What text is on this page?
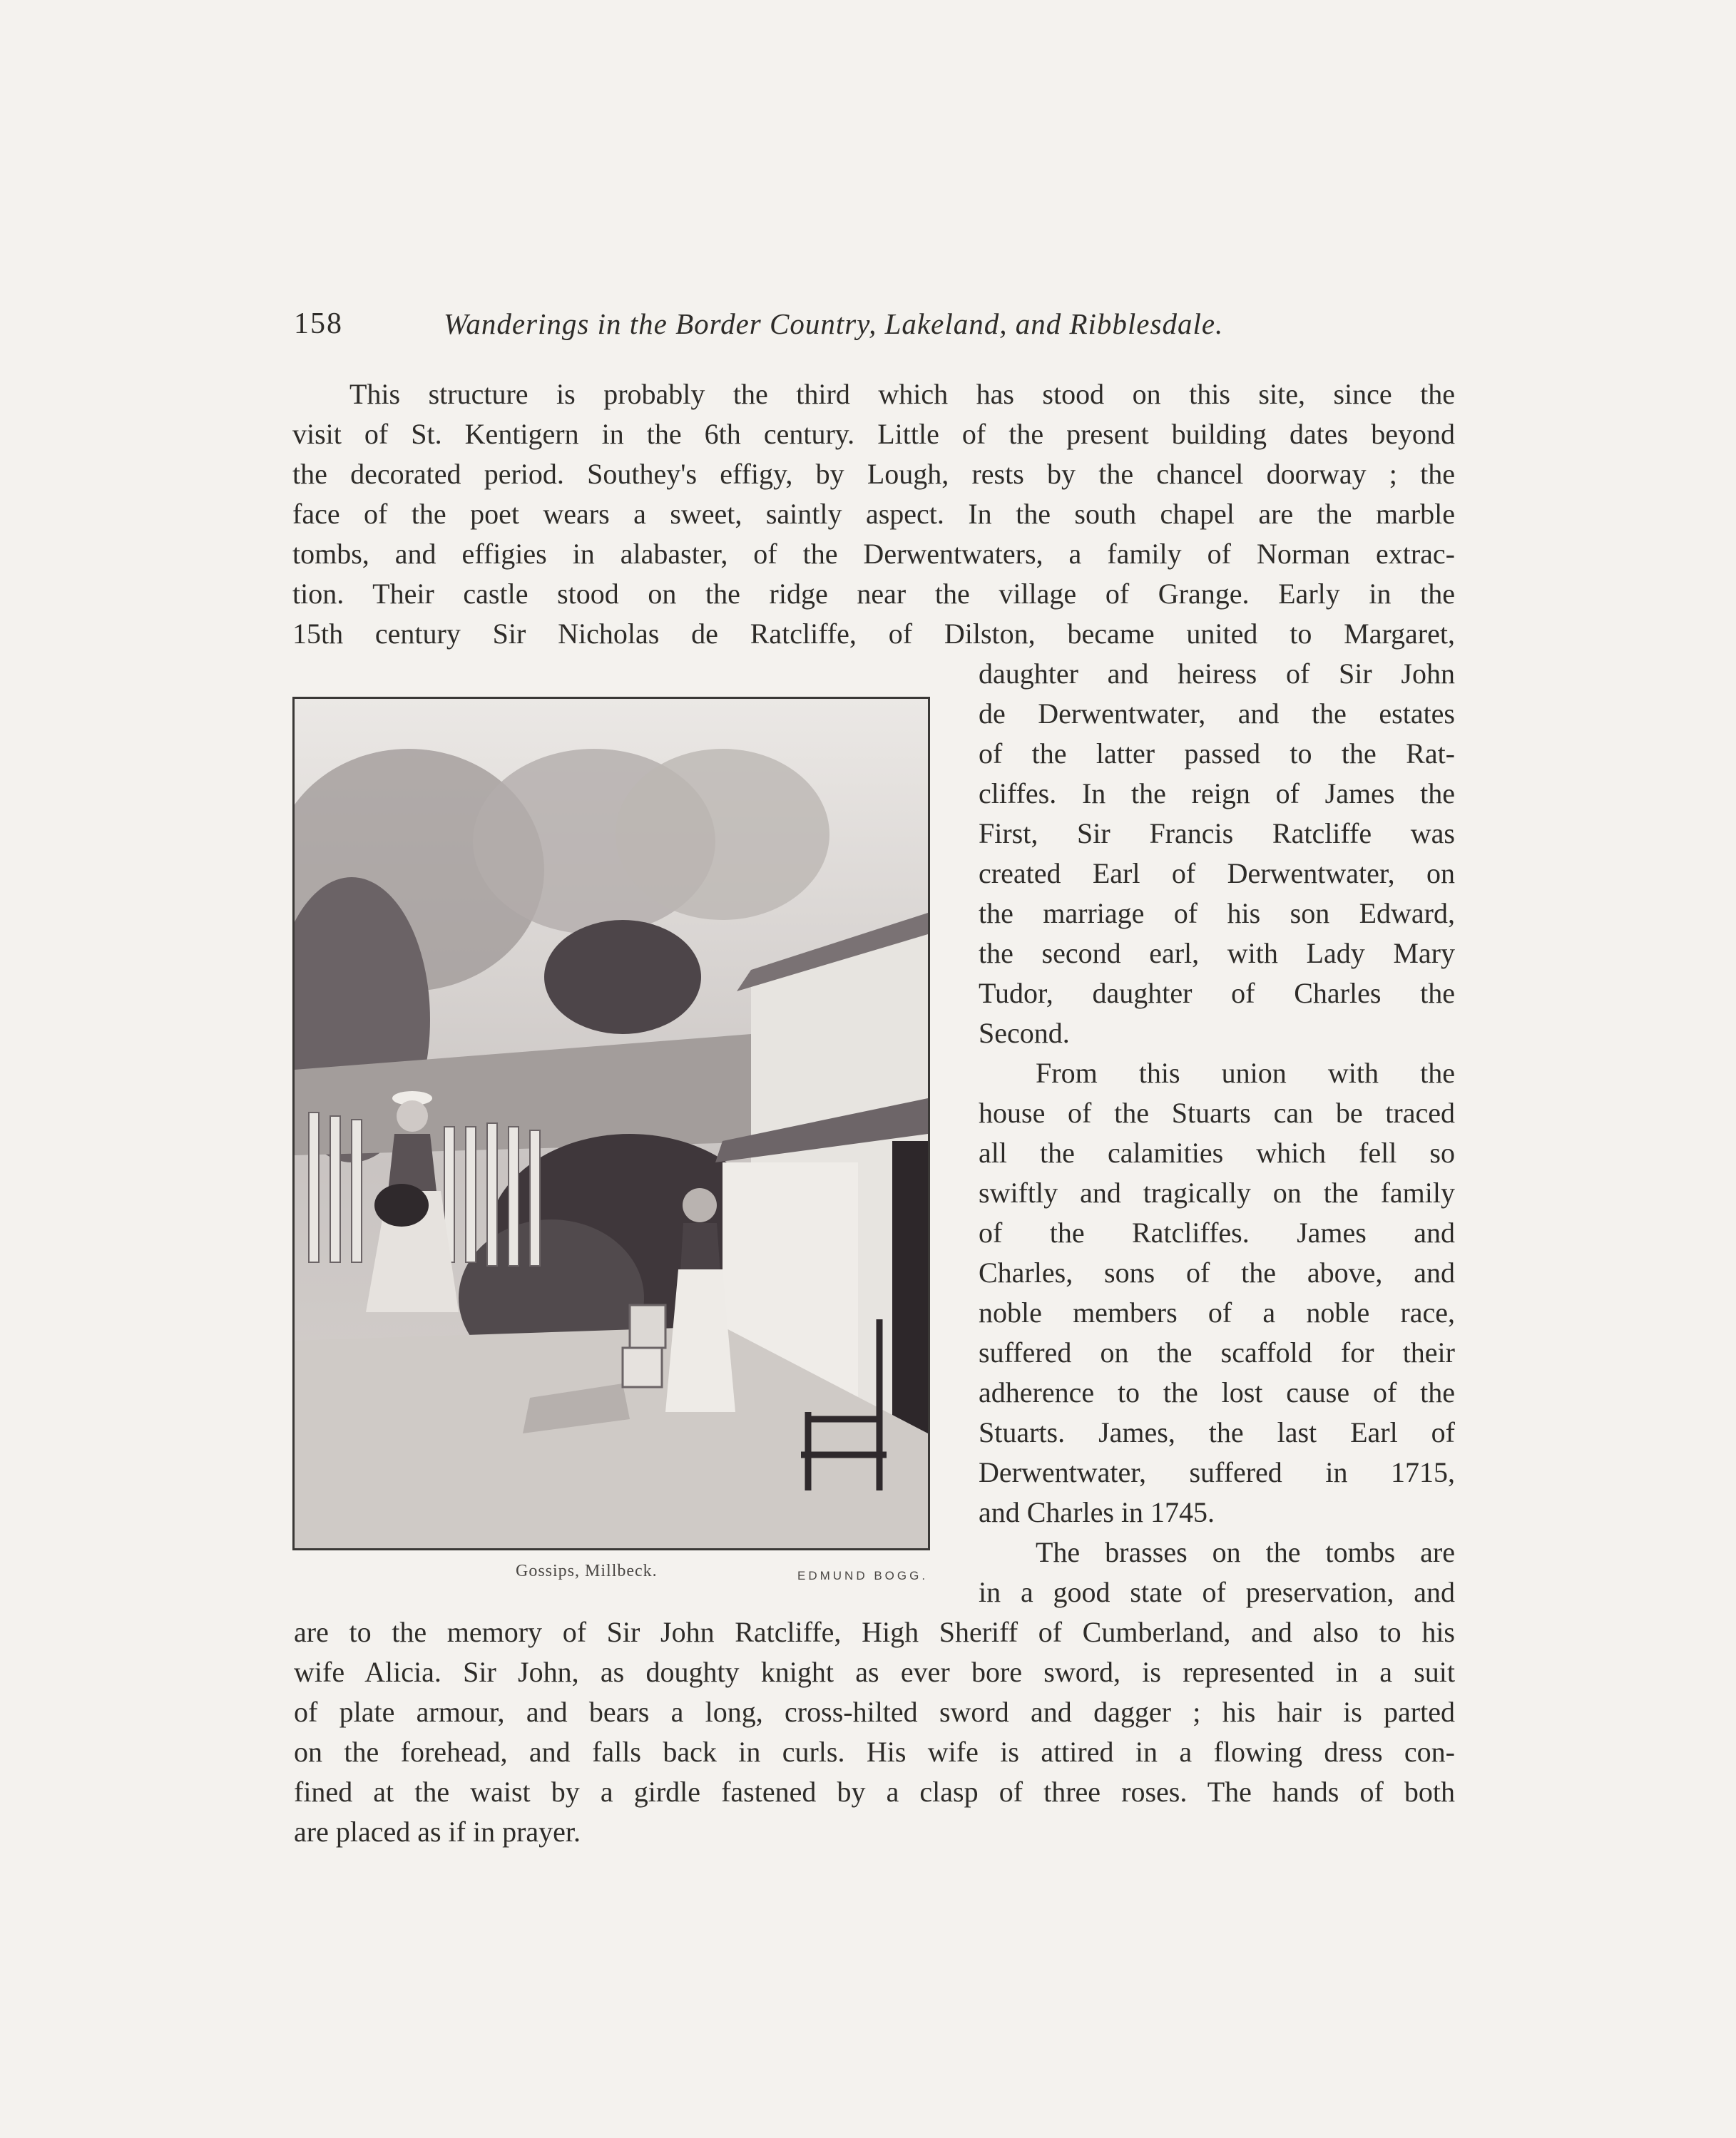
158	Wanderings in the Border Country, Lakeland, and Ribblesdale.
  This structure is probably the third which has stood on this site, since the
visit of St. Kentigern in the 6th century. Little of the present building dates beyond
the decorated period. Southey's effigy, by Lough, rests by the chancel doorway ; the
face of the poet wears a sweet, saintly aspect. In the south chapel are the marble
tombs, and effigies in alabaster, of the Derwentwaters, a family of Norman extrac-
tion. Their castle stood on the ridge near the village of Grange. Early in the
15th century Sir Nicholas de Ratcliffe, of Dilston, became united to Margaret,
Gossips, Millbeck.	EDMUND BOGG.
daughter and heiress of Sir John
de Derwentwater, and the estates
of the latter passed to the Rat-
cliffes. In the reign of James the
First, Sir Francis Ratcliffe was
created Earl of Derwentwater, on
the marriage of his son Edward,
the second earl, with Lady Mary
Tudor, daughter of Charles the
Second.
  From this union with the
house of the Stuarts can be traced
all the calamities which fell so
swiftly and tragically on the family
of the Ratcliffes. James and
Charles, sons of the above, and
noble members of a noble race,
suffered on the scaffold for their
adherence to the lost cause of the
Stuarts. James, the last Earl of
Derwentwater, suffered in 1715,
and Charles in 1745.
  The brasses on the tombs are
in a good state of preservation, and
are to the memory of Sir John Ratcliffe, High Sheriff of Cumberland, and also to his
wife Alicia. Sir John, as doughty knight as ever bore sword, is represented in a suit
of plate armour, and bears a long, cross-hilted sword and dagger ; his hair is parted
on the forehead, and falls back in curls. His wife is attired in a flowing dress con-
fined at the waist by a girdle fastened by a clasp of three roses. The hands of both
are placed as if in prayer.
